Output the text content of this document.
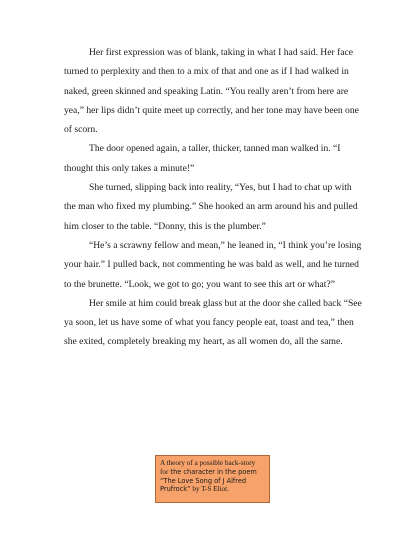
Her first expression was of blank, taking in what I had said. Her face turned to perplexity and then to a mix of that and one as if I had walked in naked, green skinned and speaking Latin. “You really aren’t from here are yea,” her lips didn’t quite meet up correctly, and her tone may have been one of scorn.

The door opened again, a taller, thicker, tanned man walked in. “I thought this only takes a minute!”

She turned, slipping back into reality, “Yes, but I had to chat up with the man who fixed my plumbing.” She hooked an arm around his and pulled him closer to the table. “Donny, this is the plumber.”

“He’s a scrawny fellow and mean,” he leaned in, “I think you’re losing your hair.” I pulled back, not commenting he was bald as well, and he turned to the brunette. “Look, we got to go; you want to see this art or what?”

Her smile at him could break glass but at the door she called back “See ya soon, let us have some of what you fancy people eat, toast and tea,” then she exited, completely breaking my heart, as all women do, all the same.

A theory of a possible back-story for the character in the poem “The Love Song of J Alfred Prufrock” by T-S Eliot.
